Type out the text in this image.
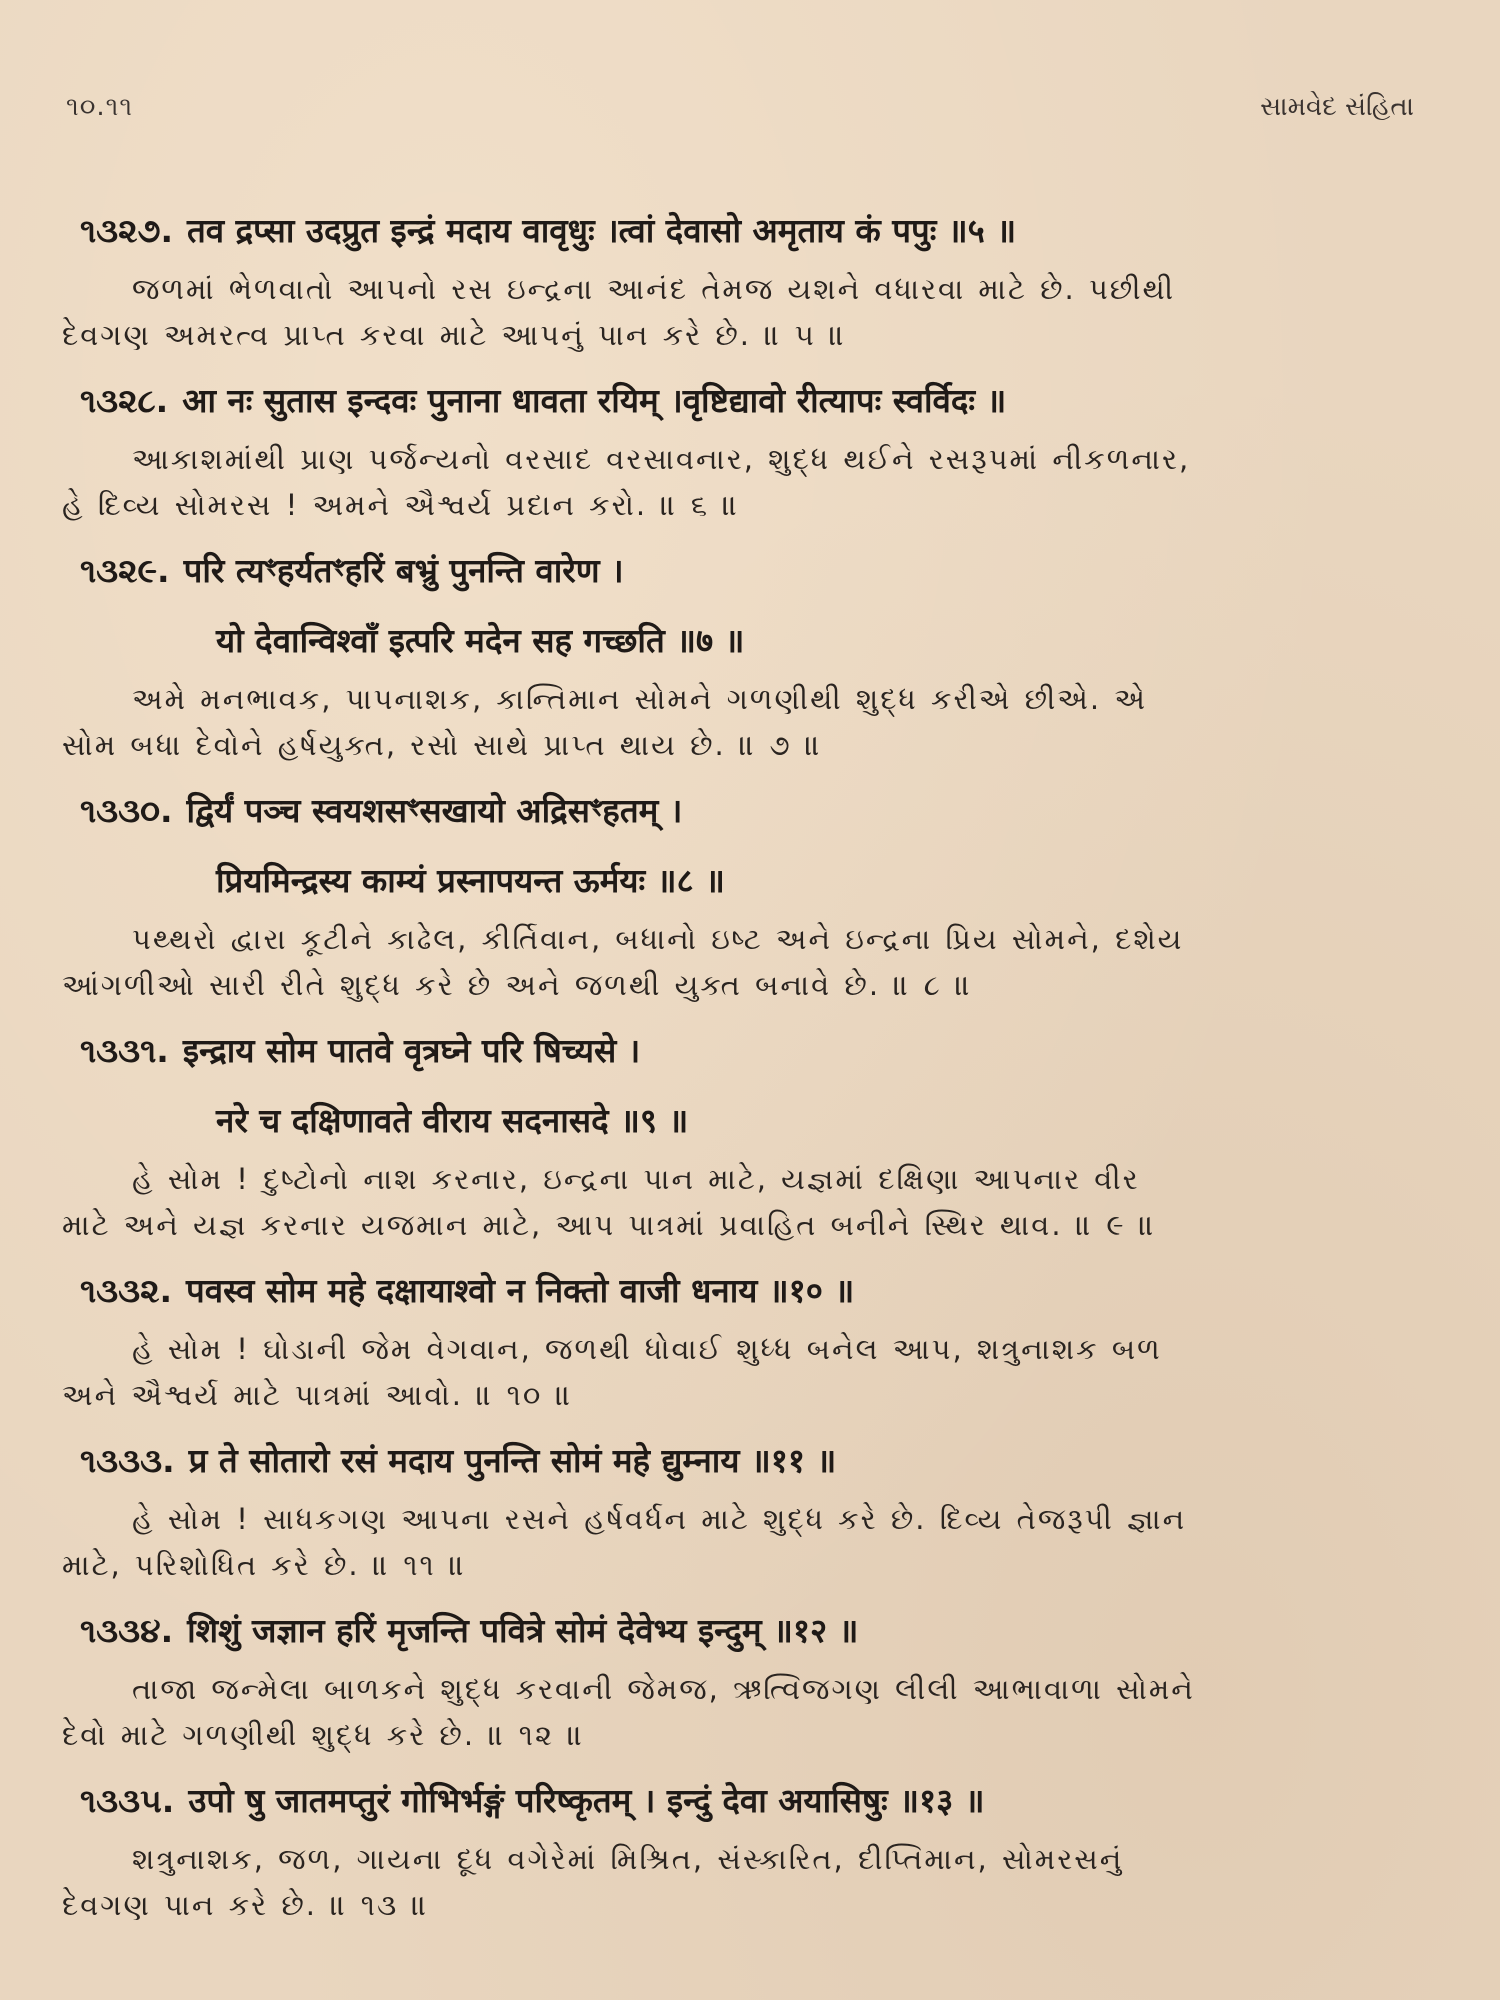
૧૦.૧૧	સામવેદ સંહિતા
૧૩૨૭. तव द्रप्सा उदप्रुत इन्द्रं मदाय वावृधुः ।त्वां देवासो अमृताय कं पपुः ॥५ ॥
જળમાં ભેળવાતો આપનો રસ ઇન્દ્રના આનંદ તેમજ યશને વધારવા માટે છે. પછીથી
દેવગણ અમરત્વ પ્રાપ્ત કરવા માટે આપનું પાન કરે છે. ॥ ૫ ॥
૧૩૨૮. आ नः सुतास इन्दवः पुनाना धावता रयिम् ।वृष्टिद्यावो रीत्यापः स्वर्विदः ॥
આકાશમાંથી પ્રાણ પર્જન્યનો વરસાદ વરસાવનાર, શુદ્ધ થઈને રસરૂપમાં નીકળનાર,
હે દિવ્ય સોમરસ ! અમને ઐશ્વર્ય પ્રદાન કરો. ॥ ૬ ॥
૧૩૨૯. परि त्यꣳहर्यतꣳहरिं बभ्रुं पुनन्ति वारेण ।
यो देवान्विश्वाँ इत्परि मदेन सह गच्छति ॥७ ॥
અમે મનભાવક, પાપનાશક, કાન્તિમાન સોમને ગળણીથી શુદ્ધ કરીએ છીએ. એ
સોમ બધા દેવોને હર્ષયુક્ત, રસો સાથે પ્રાપ્ત થાય છે. ॥ ૭ ॥
૧૩૩૦. द्विर्यं पञ्च स्वयशसꣳसखायो अद्रिसꣳहतम् ।
प्रियमिन्द्रस्य काम्यं प्रस्नापयन्त ऊर्मयः ॥८ ॥
પથ્થરો દ્વારા કૂટીને કાઢેલ, કીર્તિવાન, બધાનો ઇષ્ટ અને ઇન્દ્રના પ્રિય સોમને, દશેય
આંગળીઓ સારી રીતે શુદ્ધ કરે છે અને જળથી યુક્ત બનાવે છે. ॥ ૮ ॥
૧૩૩૧. इन्द्राय सोम पातवे वृत्रघ्ने परि षिच्यसे ।
नरे च दक्षिणावते वीराय सदनासदे ॥९ ॥
હે સોમ ! દુષ્ટોનો નાશ કરનાર, ઇન્દ્રના પાન માટે, યજ્ઞમાં દક્ષિણા આપનાર વીર
માટે અને યજ્ઞ કરનાર યજમાન માટે, આપ પાત્રમાં પ્રવાહિત બનીને સ્થિર થાવ. ॥ ૯ ॥
૧૩૩૨. पवस्व सोम महे दक्षायाश्वो न निक्तो वाजी धनाय ॥१० ॥
હે સોમ ! ઘોડાની જેમ વેગવાન, જળથી ધોવાઈ શુધ્ધ બનેલ આપ, શત્રુનાશક બળ
અને ઐશ્વર્ય માટે પાત્રમાં આવો. ॥ ૧૦ ॥
૧૩૩૩. प्र ते सोतारो रसं मदाय पुनन्ति सोमं महे द्युम्नाय ॥११ ॥
હે સોમ ! સાધકગણ આપના રસને હર્ષવર્ધન માટે શુદ્ધ કરે છે. દિવ્ય તેજરૂપી જ્ઞાન
માટે, પરિશોધિત કરે છે. ॥ ૧૧ ॥
૧૩૩૪. शिशुं जज्ञान हरिं मृजन्ति पवित्रे सोमं देवेभ्य इन्दुम् ॥१२ ॥
તાજા જન્મેલા બાળકને શુદ્ધ કરવાની જેમજ, ઋત્વિજગણ લીલી આભાવાળા સોમને
દેવો માટે ગળણીથી શુદ્ધ કરે છે. ॥ ૧૨ ॥
૧૩૩૫. उपो षु जातमप्तुरं गोभिर्भङ्गं परिष्कृतम् । इन्दुं देवा अयासिषुः ॥१३ ॥
શત્રુનાશક, જળ, ગાયના દૂધ વગેરેમાં મિશ્રિત, સંસ્કારિત, દીપ્તિમાન, સોમરસનું
દેવગણ પાન કરે છે. ॥ ૧૩ ॥
